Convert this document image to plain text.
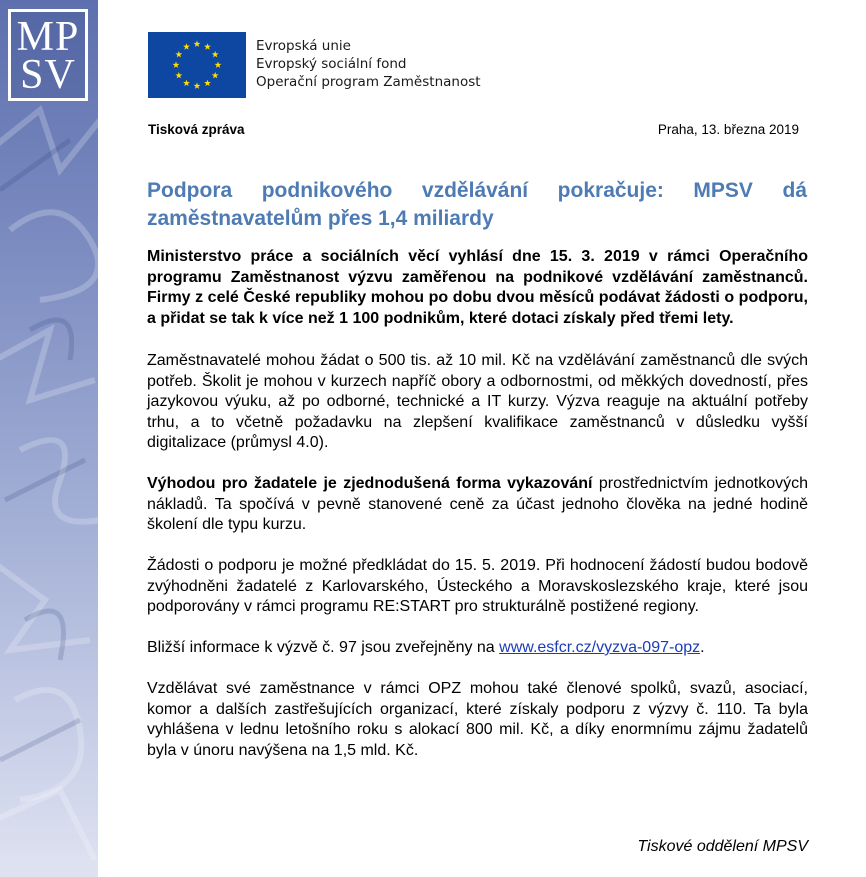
MP
SV
Evropská unie
Evropský sociální fond
Operační program Zaměstnanost
Tisková zpráva	Praha, 13. března 2019
Podpora podnikového vzdělávání pokračuje: MPSV dá zaměstnavatelům přes 1,4 miliardy

Ministerstvo práce a sociálních věcí vyhlásí dne 15. 3. 2019 v rámci Operačního programu Zaměstnanost výzvu zaměřenou na podnikové vzdělávání zaměstnanců. Firmy z celé České republiky mohou po dobu dvou měsíců podávat žádosti o podporu, a přidat se tak k více než 1 100 podnikům, které dotaci získaly před třemi lety.

Zaměstnavatelé mohou žádat o 500 tis. až 10 mil. Kč na vzdělávání zaměstnanců dle svých potřeb. Školit je mohou v kurzech napříč obory a odbornostmi, od měkkých dovedností, přes jazykovou výuku, až po odborné, technické a IT kurzy. Výzva reaguje na aktuální potřeby trhu, a to včetně požadavku na zlepšení kvalifikace zaměstnanců v důsledku vyšší digitalizace (průmysl 4.0).

Výhodou pro žadatele je zjednodušená forma vykazování prostřednictvím jednotkových nákladů. Ta spočívá v pevně stanovené ceně za účast jednoho člověka na jedné hodině školení dle typu kurzu.

Žádosti o podporu je možné předkládat do 15. 5. 2019. Při hodnocení žádostí budou bodově zvýhodněni žadatelé z Karlovarského, Ústeckého a Moravskoslezského kraje, které jsou podporovány v rámci programu RE:START pro strukturálně postižené regiony.

Bližší informace k výzvě č. 97 jsou zveřejněny na www.esfcr.cz/vyzva-097-opz.

Vzdělávat své zaměstnance v rámci OPZ mohou také členové spolků, svazů, asociací, komor a dalších zastřešujících organizací, které získaly podporu z výzvy č. 110. Ta byla vyhlášena v lednu letošního roku s alokací 800 mil. Kč, a díky enormnímu zájmu žadatelů byla v únoru navýšena na 1,5 mld. Kč.

Tiskové oddělení MPSV
